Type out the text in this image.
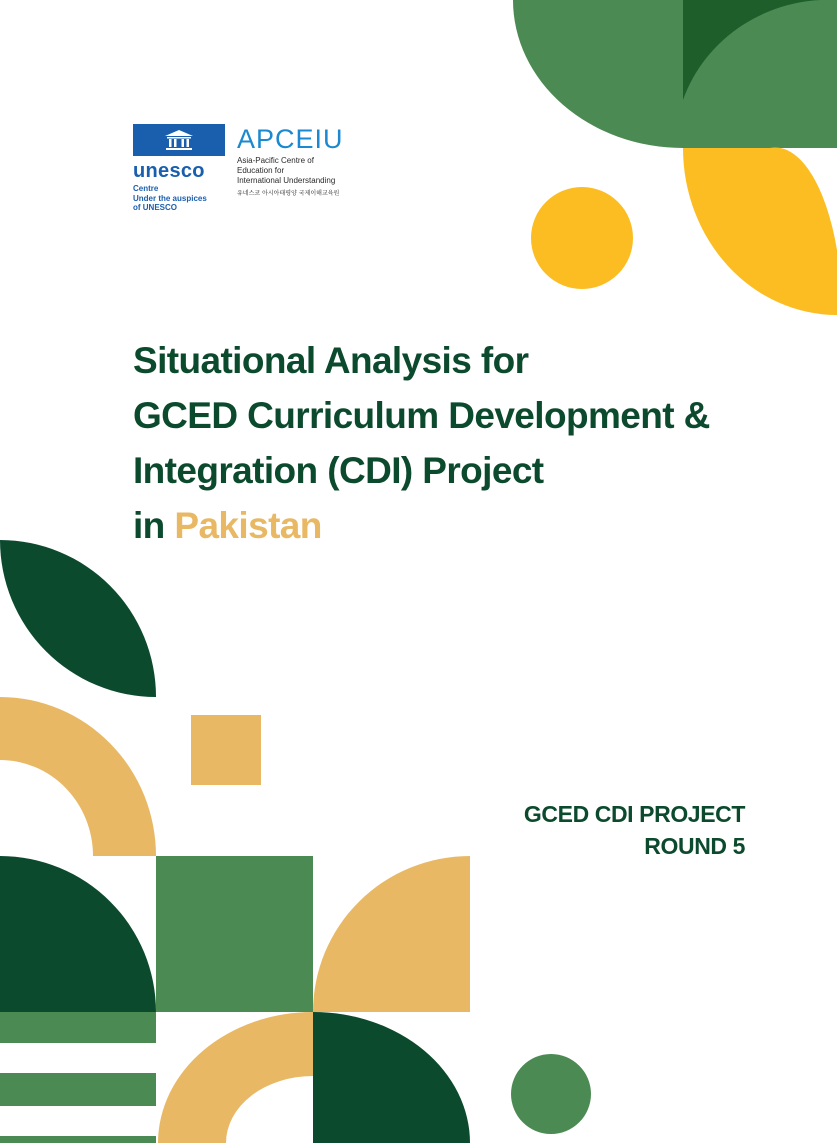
unesco
Centre
Under the auspices
of UNESCO
APCEIU
Asia-Pacific Centre of
Education for
International Understanding
유네스코 아시아태평양 국제이해교육원
Situational Analysis for
GCED Curriculum Development &
Integration (CDI) Project
in Pakistan
GCED CDI PROJECT
ROUND 5
